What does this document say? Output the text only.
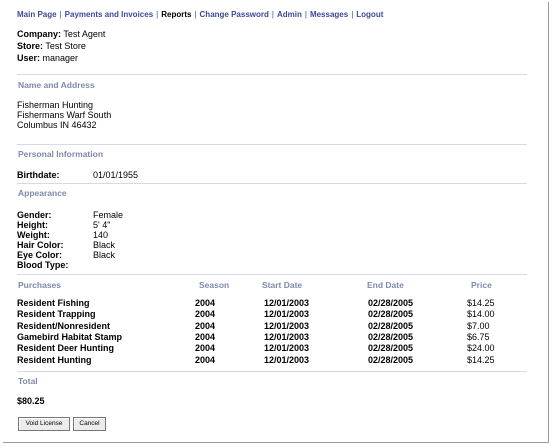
Main Page | Payments and Invoices | Reports | Change Password | Admin | Messages | Logout
Company: Test Agent
Store: Test Store
User: manager
Name and Address
Fisherman Hunting
Fishermans Warf South
Columbus IN 46432
Personal Information
Birthdate:	01/01/1955
Appearance
Gender:	Female
Height:	5' 4"
Weight:	140
Hair Color:	Black
Eye Color:	Black
Blood Type:
Purchases	Season	Start Date	End Date	Price
Resident Fishing	2004	12/01/2003	02/28/2005	$14.25
Resident Trapping	2004	12/01/2003	02/28/2005	$14.00
Resident/Nonresident	2004	12/01/2003	02/28/2005	$7.00
Gamebird Habitat Stamp	2004	12/01/2003	02/28/2005	$6.75
Resident Deer Hunting	2004	12/01/2003	02/28/2005	$24.00
Resident Hunting	2004	12/01/2003	02/28/2005	$14.25
Total
$80.25
Void License	Cancel
